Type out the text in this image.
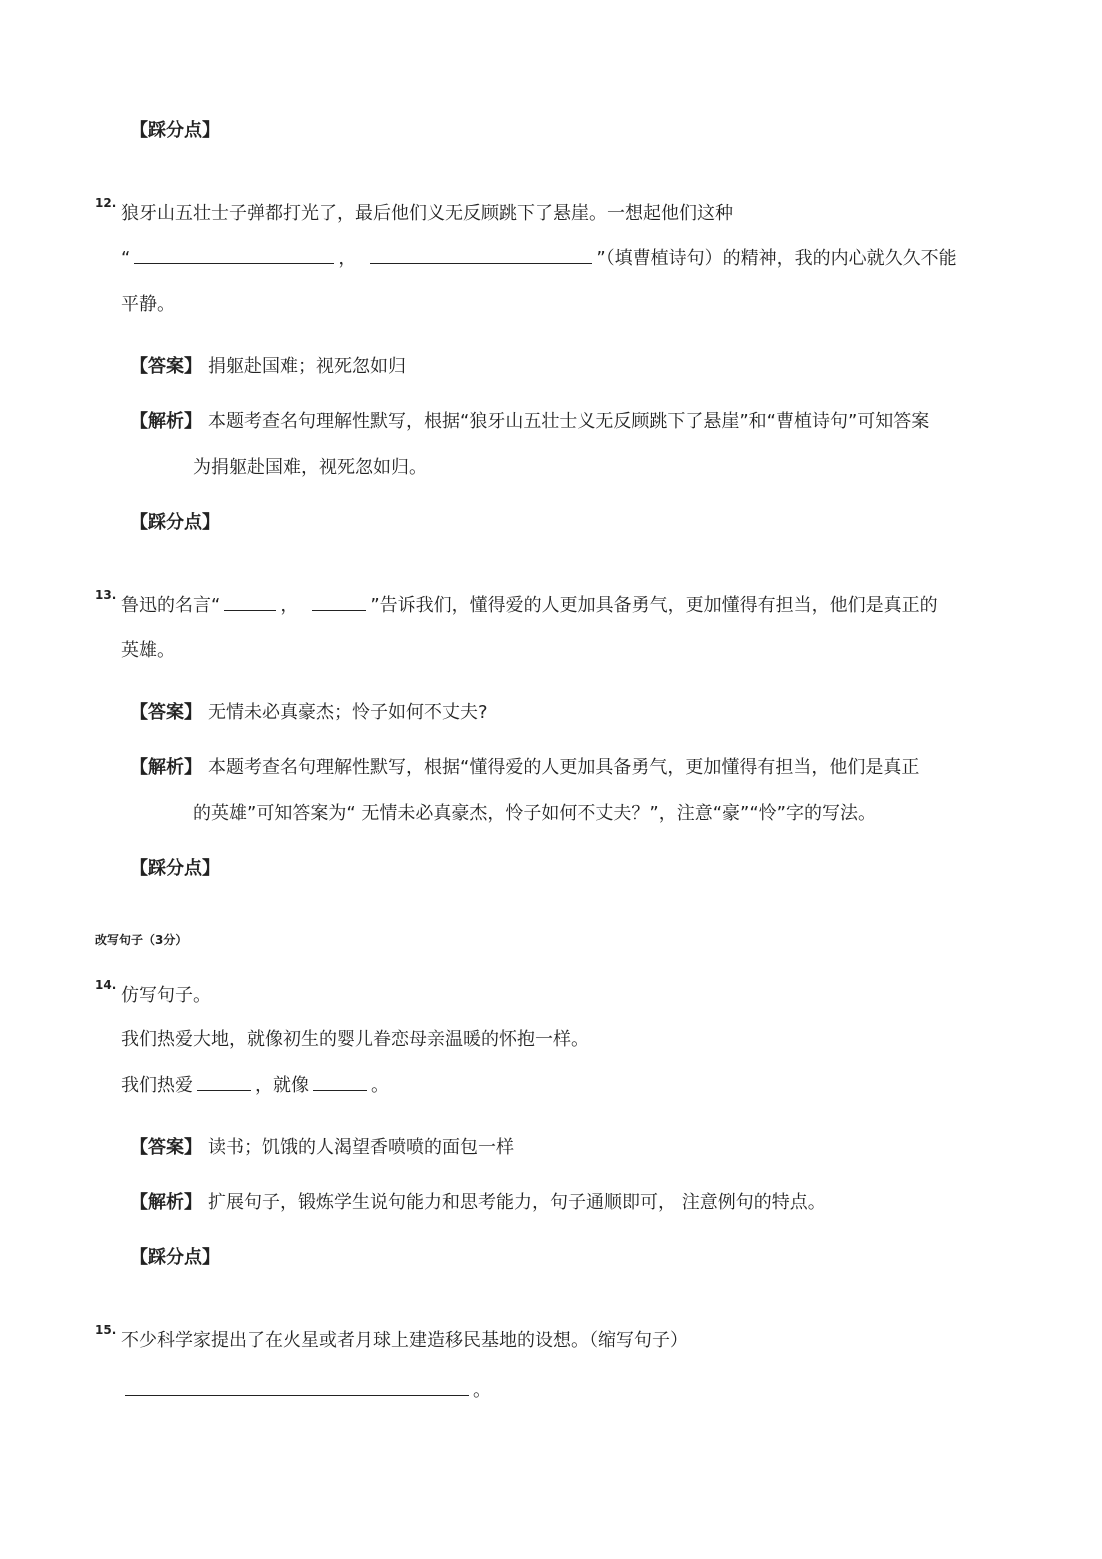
【踩分点】
12. 狼牙山五壮士子弹都打光了，最后他们义无反顾跳下了悬崖。一想起他们这种
“	，	”（填曹植诗句）的精神，我的内心就久久不能
平静。
【答案】 捐躯赴国难；视死忽如归
【解析】 本题考查名句理解性默写，根据“狼牙山五壮士义无反顾跳下了悬崖”和“曹植诗句”可知答案
为捐躯赴国难，视死忽如归。
【踩分点】
13. 鲁迅的名言“	，	”告诉我们，懂得爱的人更加具备勇气，更加懂得有担当，他们是真正的
英雄。
【答案】 无情未必真豪杰；怜子如何不丈夫?
【解析】 本题考查名句理解性默写，根据“懂得爱的人更加具备勇气，更加懂得有担当，他们是真正
的英雄”可知答案为“ 无情未必真豪杰，怜子如何不丈夫？”，注意“豪”“怜”字的写法。
【踩分点】
改写句子（3分）
14. 仿写句子。
我们热爱大地，就像初生的婴儿眷恋母亲温暖的怀抱一样。
我们热爱	，就像	。
【答案】 读书；饥饿的人渴望香喷喷的面包一样
【解析】 扩展句子，锻炼学生说句能力和思考能力，句子通顺即可， 注意例句的特点。
【踩分点】
15. 不少科学家提出了在火星或者月球上建造移民基地的设想。（缩写句子）
。
